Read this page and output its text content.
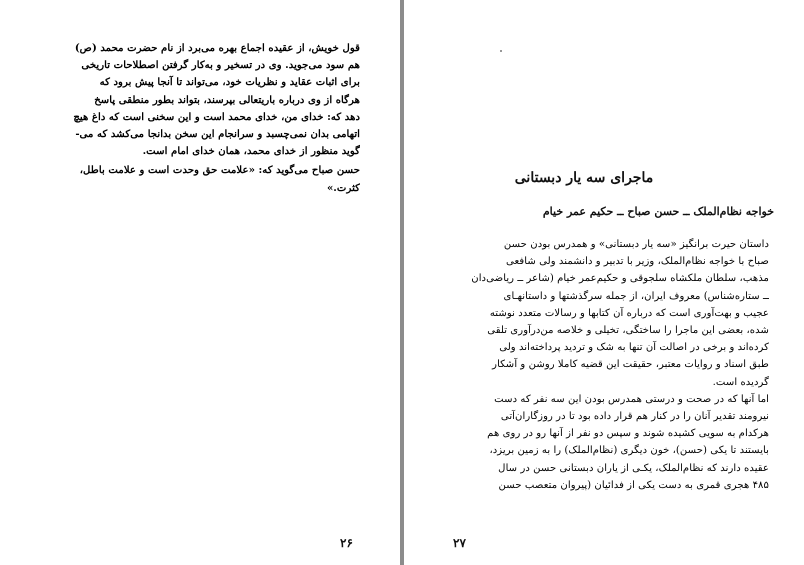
قول خویش، از عقیده اجماع بهره می‌برد از نام حضرت محمد (ص)
هم سود می‌جوید. وی در تسخیر و به‌کار گرفتن اصطلاحات تاریخی
برای اثبات عقاید و نظریات خود، می‌تواند تا آنجا پیش برود که
هرگاه از وی درباره باریتعالی بپرسند، بتواند بطور منطقی پاسخ
دهد که: خدای من، خدای محمد است و این سخنی است که داغ هیچ
اتهامی بدان نمی‌چسبد و سرانجام این سخن بدانجا می‌کشد که می‌-
گوید منظور از خدای محمد، همان خدای امام است.
حسن صباح می‌گوید که: «علامت حق وحدت است و علامت باطل،
کثرت.»
ماجرای سه یار دبستانی
خواجه نظام‌الملک ــ حسن صباح ــ حکیم عمر خیام
داستان حیرت برانگیز «سه یار دبستانی» و همدرس بودن حسن
صباح با خواجه نظام‌الملک، وزیر با تدبیر و دانشمند ولی شافعی
مذهب، سلطان ملکشاه سلجوقی و حکیم‌عمر خیام (شاعر ــ ریاضی‌دان
ــ ستاره‌شناس) معروف ایران، از جمله سرگذشتها و داستانهـای
عجیب و بهت‌آوری است که درباره آن کتابها و رسالات متعدد نوشته
شده، بعضی این ماجرا را ساختگی، تخیلی و خلاصه من‌درآوری تلقی
کرده‌اند و برخی در اصالت آن تنها به شک و تردید پرداخته‌اند ولی
طبق اسناد و روایات معتبر، حقیقت این قضیه کاملا روشن و آشکار
گردیده است.
اما آنها که در صحت و درستی همدرس بودن این سه نفر که دست
نیرومند تقدیر آنان را در کنار هم قرار داده بود تا در روزگاران‌آتی
هرکدام به سویی کشیده شوند و سپس دو نفر از آنها رو در روی هم
بایستند تا یکی (حسن)، خون دیگری (نظام‌الملک) را به زمین بریزد،
عقیده دارند که نظام‌الملک، یکـی از یاران دبستانی حسن در سال
۴۸۵ هجری قمری به دست یکی از فدائیان (پیروان متعصب حسن
۲۶	۲۷
